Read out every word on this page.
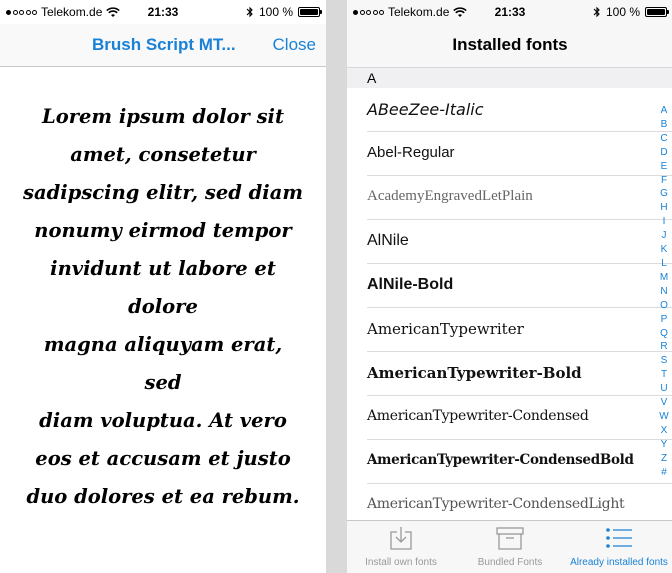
Telekom.de	21:33	100 %
Brush Script MT... Close
Lorem ipsum dolor sit
amet, consetetur
sadipscing elitr, sed diam
nonumy eirmod tempor
invidunt ut labore et dolore
magna aliquyam erat, sed
diam voluptua. At vero
eos et accusam et justo
duo dolores et ea rebum.
Telekom.de	21:33	100 %
Installed fonts
A
ABeeZee-Italic
Abel-Regular
AcademyEngravedLetPlain
AlNile
AlNile-Bold
AmericanTypewriter
AmericanTypewriter-Bold
AmericanTypewriter-Condensed
AmericanTypewriter-CondensedBold
AmericanTypewriter-CondensedLight
A
B
C
D
E
F
G
H
I
J
K
L
M
N
O
P
Q
R
S
T
U
V
W
X
Y
Z
#
Install own fonts	Bundled Fonts	Already installed fonts
